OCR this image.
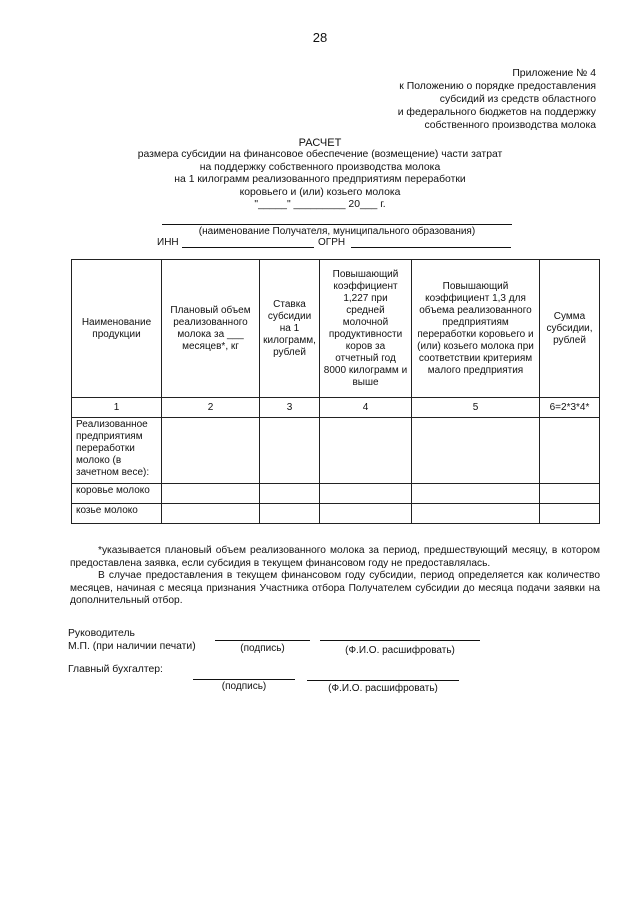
28
Приложение № 4
к Положению о порядке предоставления
субсидий из средств областного
и федерального бюджетов на поддержку
собственного производства молока
РАСЧЕТ
размера субсидии на финансовое обеспечение (возмещение) части затрат
на поддержку собственного производства молока
на 1 килограмм реализованного предприятиям переработки
коровьего и (или) козьего молока
"_____" _________ 20___ г.
(наименование Получателя, муниципального образования)
ИНН	ОГРН
Наименование продукции	Плановый объем реализованного молока за ___ месяцев*, кг	Ставка субсидии на 1 килограмм, рублей	Повышающий коэффициент 1,227 при средней молочной продуктивности коров за отчетный год 8000 килограмм и выше	Повышающий коэффициент 1,3 для объема реализованного предприятиям переработки коровьего и (или) козьего молока при соответствии критериям малого предприятия	Сумма субсидии, рублей
1	2	3	4	5	6=2*3*4*
Реализованное предприятиям переработки молоко (в зачетном весе):					
коровье молоко					
козье молоко					

*указывается плановый объем реализованного молока за период, предшествующий месяцу, в котором предоставлена заявка, если субсидия в текущем финансовом году не предоставлялась.

В случае предоставления в текущем финансовом году субсидии, период определяется как количество месяцев, начиная с месяца признания Участника отбора Получателем субсидии до месяца подачи заявки на дополнительный отбор.

Руководитель
М.П. (при наличии печати)	(подпись)	(Ф.И.О. расшифровать)
Главный бухгалтер:
(подпись)	(Ф.И.О. расшифровать)
